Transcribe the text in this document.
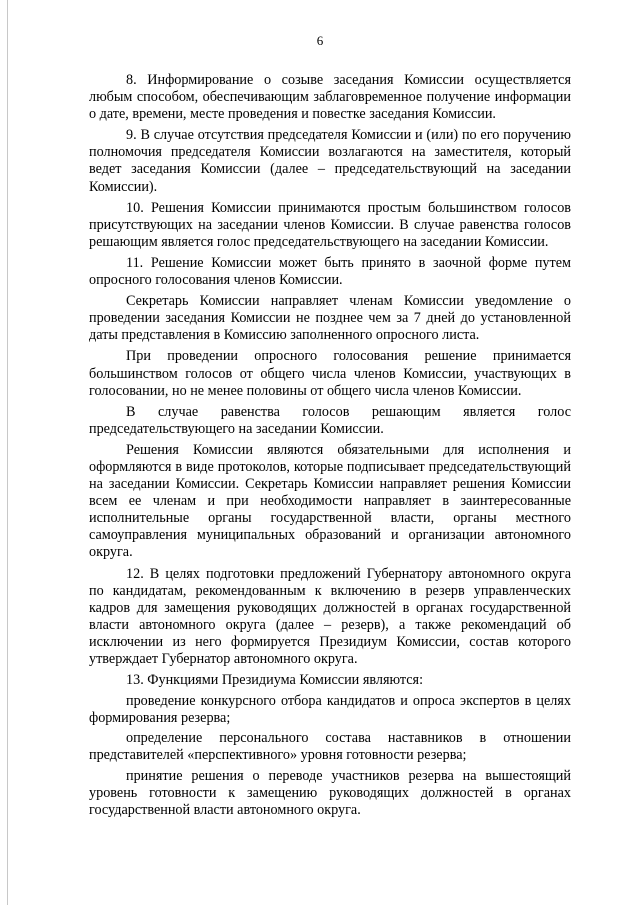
6

8. Информирование о созыве заседания Комиссии осуществляется любым способом, обеспечивающим заблаговременное получение информации о дате, времени, месте проведения и повестке заседания Комиссии.

9. В случае отсутствия председателя Комиссии и (или) по его поручению полномочия председателя Комиссии возлагаются на заместителя, который ведет заседания Комиссии (далее – председательствующий на заседании Комиссии).

10. Решения Комиссии принимаются простым большинством голосов присутствующих на заседании членов Комиссии. В случае равенства голосов решающим является голос председательствующего на заседании Комиссии.

11. Решение Комиссии может быть принято в заочной форме путем опросного голосования членов Комиссии.

Секретарь Комиссии направляет членам Комиссии уведомление о проведении заседания Комиссии не позднее чем за 7 дней до установленной даты представления в Комиссию заполненного опросного листа.

При проведении опросного голосования решение принимается большинством голосов от общего числа членов Комиссии, участвующих в голосовании, но не менее половины от общего числа членов Комиссии.

В случае равенства голосов решающим является голос председательствующего на заседании Комиссии.

Решения Комиссии являются обязательными для исполнения и оформляются в виде протоколов, которые подписывает председательствующий на заседании Комиссии. Секретарь Комиссии направляет решения Комиссии всем ее членам и при необходимости направляет в заинтересованные исполнительные органы государственной власти, органы местного самоуправления муниципальных образований и организации автономного округа.

12. В целях подготовки предложений Губернатору автономного округа по кандидатам, рекомендованным к включению в резерв управленческих кадров для замещения руководящих должностей в органах государственной власти автономного округа (далее – резерв), а также рекомендаций об исключении из него формируется Президиум Комиссии, состав которого утверждает Губернатор автономного округа.

13. Функциями Президиума Комиссии являются:

проведение конкурсного отбора кандидатов и опроса экспертов в целях формирования резерва;

определение персонального состава наставников в отношении представителей «перспективного» уровня готовности резерва;

принятие решения о переводе участников резерва на вышестоящий уровень готовности к замещению руководящих должностей в органах государственной власти автономного округа.
